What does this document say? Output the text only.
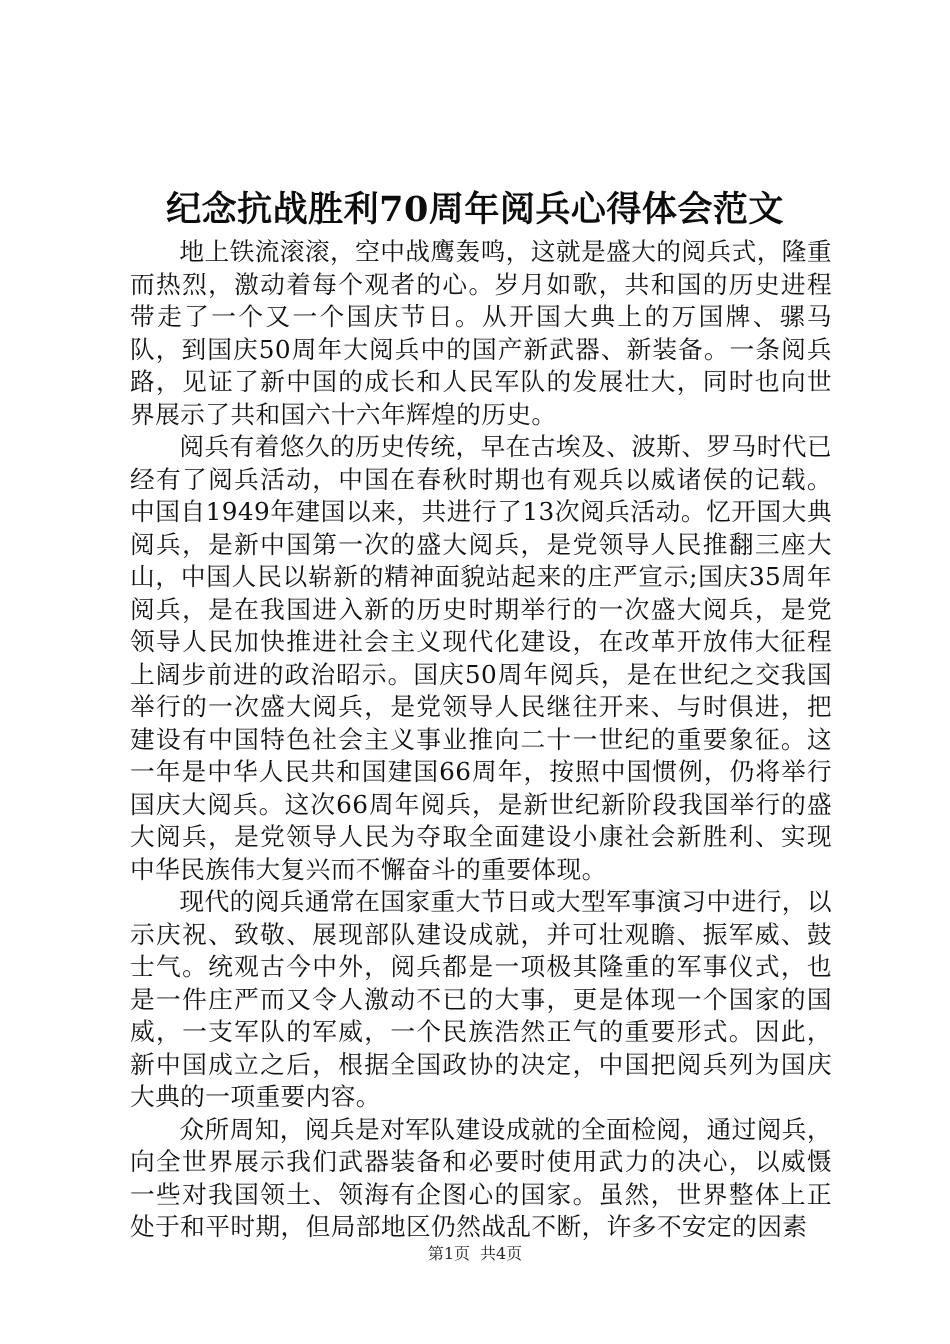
纪念抗战胜利70周年阅兵心得体会范文

地上铁流滚滚，空中战鹰轰鸣，这就是盛大的阅兵式，隆重而热烈，激动着每个观者的心。岁月如歌，共和国的历史进程带走了一个又一个国庆节日。从开国大典上的万国牌、骡马队，到国庆50周年大阅兵中的国产新武器、新装备。一条阅兵路，见证了新中国的成长和人民军队的发展壮大，同时也向世界展示了共和国六十六年辉煌的历史。

阅兵有着悠久的历史传统，早在古埃及、波斯、罗马时代已经有了阅兵活动，中国在春秋时期也有观兵以威诸侯的记载。中国自1949年建国以来，共进行了13次阅兵活动。忆开国大典阅兵，是新中国第一次的盛大阅兵，是党领导人民推翻三座大山，中国人民以崭新的精神面貌站起来的庄严宣示;国庆35周年阅兵，是在我国进入新的历史时期举行的一次盛大阅兵，是党领导人民加快推进社会主义现代化建设，在改革开放伟大征程上阔步前进的政治昭示。国庆50周年阅兵，是在世纪之交我国举行的一次盛大阅兵，是党领导人民继往开来、与时俱进，把建设有中国特色社会主义事业推向二十一世纪的重要象征。这一年是中华人民共和国建国66周年，按照中国惯例，仍将举行国庆大阅兵。这次66周年阅兵，是新世纪新阶段我国举行的盛大阅兵，是党领导人民为夺取全面建设小康社会新胜利、实现中华民族伟大复兴而不懈奋斗的重要体现。

现代的阅兵通常在国家重大节日或大型军事演习中进行，以示庆祝、致敬、展现部队建设成就，并可壮观瞻、振军威、鼓士气。统观古今中外，阅兵都是一项极其隆重的军事仪式，也是一件庄严而又令人激动不已的大事，更是体现一个国家的国威，一支军队的军威，一个民族浩然正气的重要形式。因此，新中国成立之后，根据全国政协的决定，中国把阅兵列为国庆大典的一项重要内容。

众所周知，阅兵是对军队建设成就的全面检阅，通过阅兵，向全世界展示我们武器装备和必要时使用武力的决心，以威慑一些对我国领土、领海有企图心的国家。虽然，世界整体上正处于和平时期，但局部地区仍然战乱不断，许多不安定的因素

第1页 共4页
